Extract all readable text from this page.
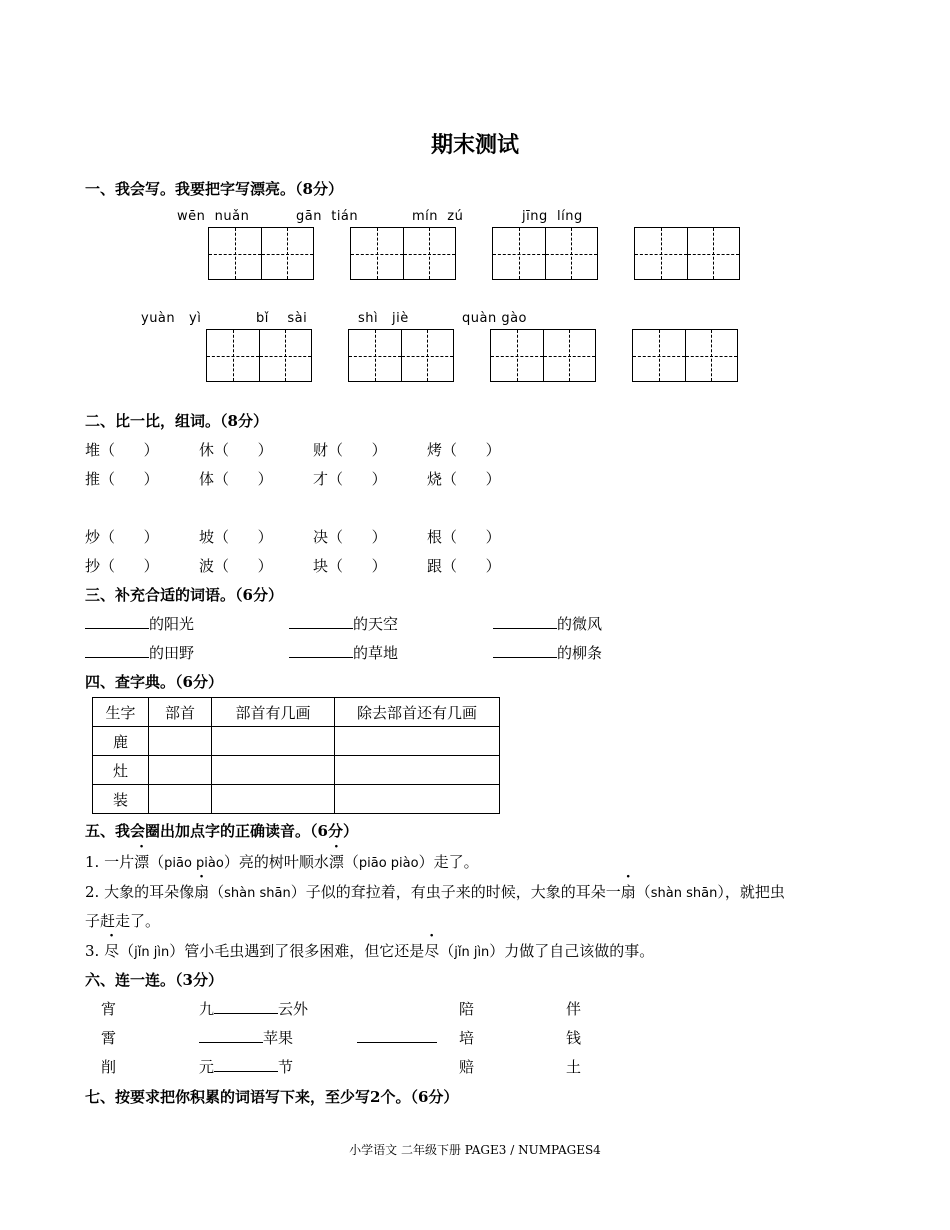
期末测试
一、我会写。我要把字写漂亮。（8分）
wēn  nuǎn	gān  tián	mín  zú	jīng  líng
yuàn   yì	bǐ    sài	shì   jiè	quàn gào
二、比一比，组词。（8分）
堆（      ）	休（      ）	财（      ）	烤（      ）
推（      ）	体（      ）	才（      ）	烧（      ）
炒（      ）	坡（      ）	决（      ）	根（      ）
抄（      ）	波（      ）	块（      ）	跟（      ）
三、补充合适的词语。（6分）
的阳光	的天空	的微风
的田野	的草地	的柳条
四、查字典。（6分）
生字	部首	部首有几画	除去部首还有几画
鹿			
灶			
装			
五、我会圈出加点字的正确读音。（6分）
1. 一片漂（piāo piào）亮的树叶顺水漂（piāo piào）走了。
2. 大象的耳朵像扇（shàn shān）子似的耷拉着，有虫子来的时候，大象的耳朵一扇（shàn shān），就把虫
子赶走了。
3. 尽（jǐn jìn）管小毛虫遇到了很多困难，但它还是尽（jǐn jìn）力做了自己该做的事。
六、连一连。（3分）
宵
霄
削
九	云外
苹果
元	节
陪
培
赔
伴
钱
土
七、按要求把你积累的词语写下来，至少写2个。（6分）
小学语文 二年级下册 PAGE3 / NUMPAGES4
